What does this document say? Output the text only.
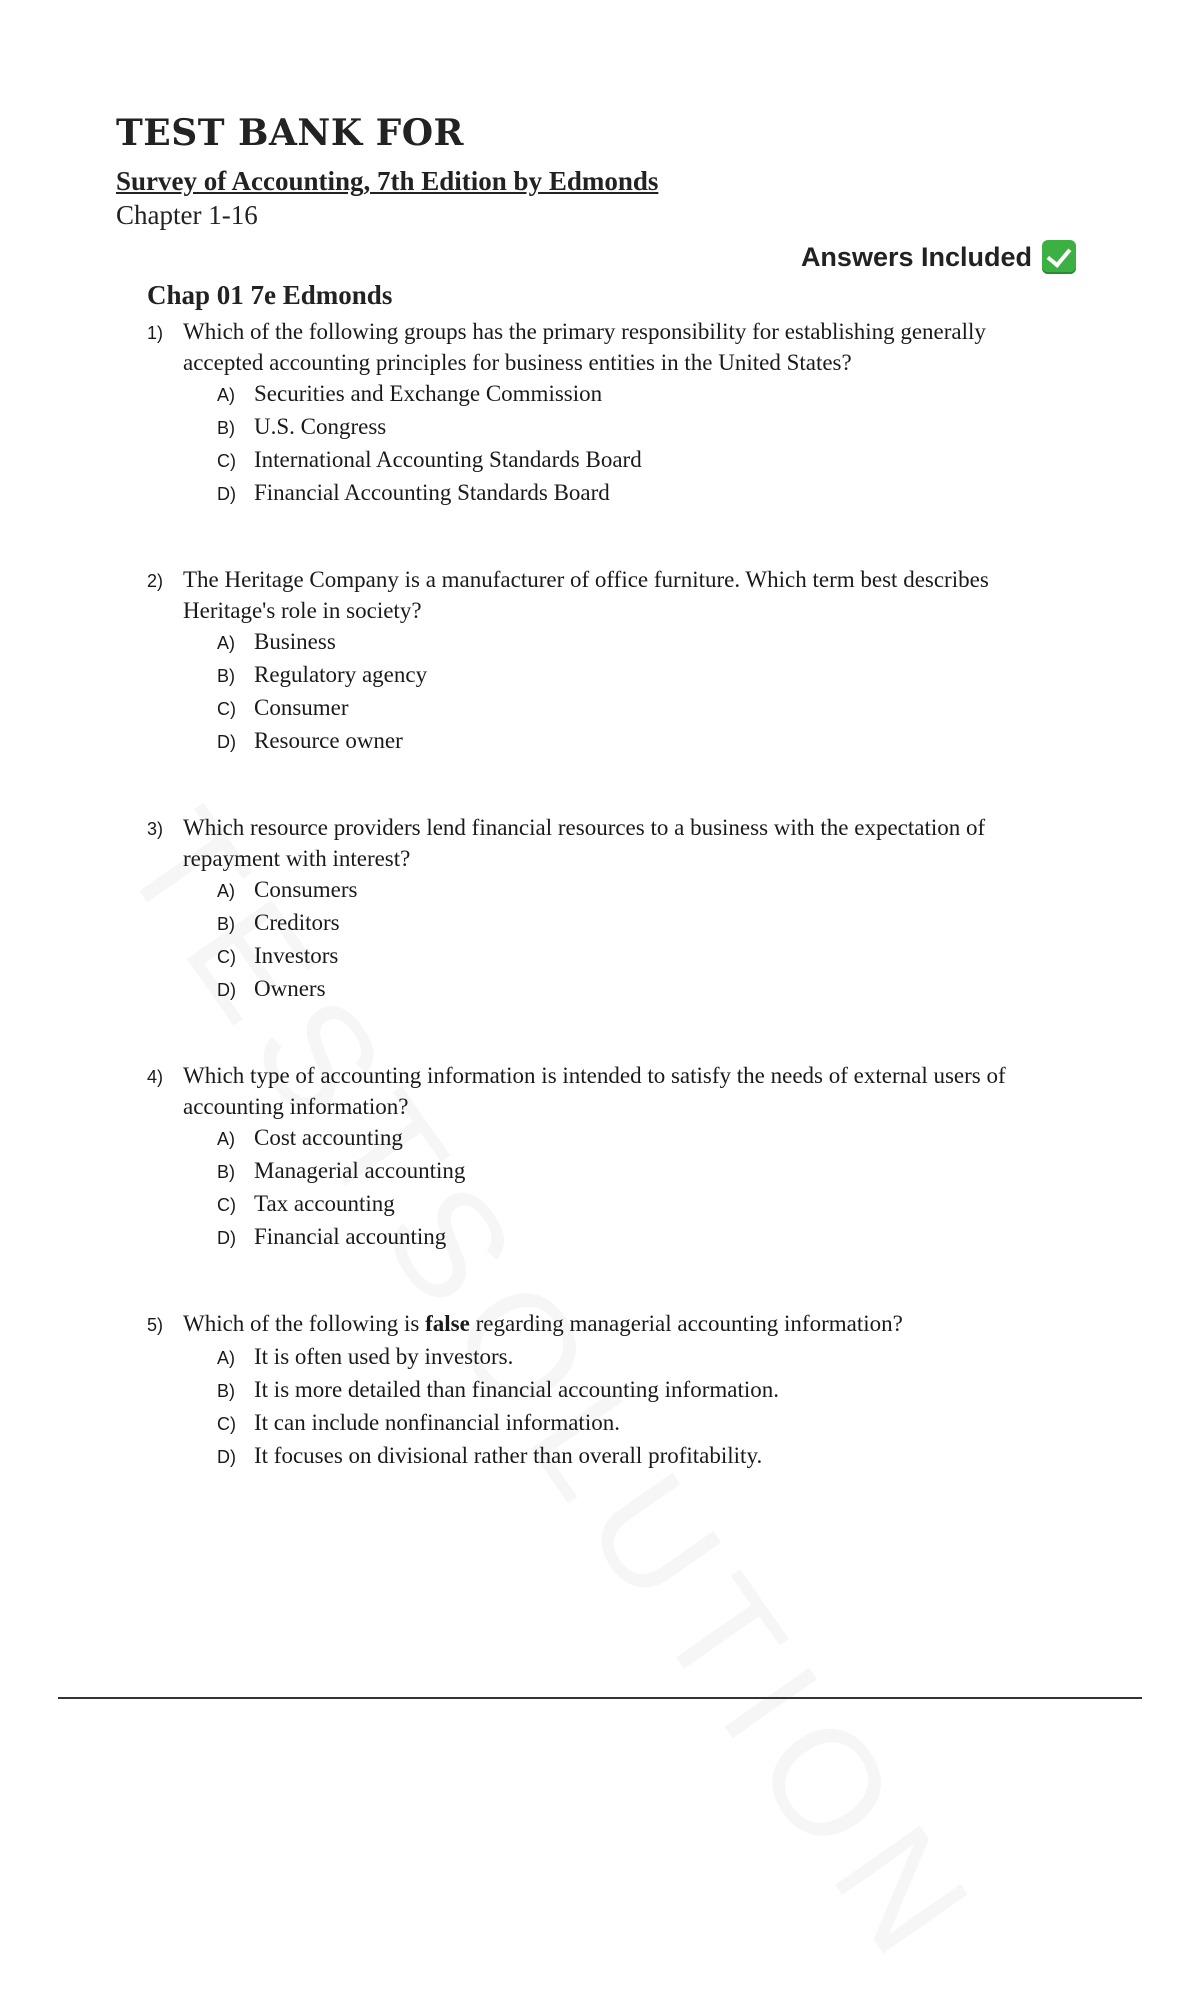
TEST BANK FOR
Survey of Accounting, 7th Edition by Edmonds
Chapter 1-16
Answers Included
Chap 01 7e Edmonds
1) Which of the following groups has the primary responsibility for establishing generally accepted accounting principles for business entities in the United States?
A) Securities and Exchange Commission
B) U.S. Congress
C) International Accounting Standards Board
D) Financial Accounting Standards Board
2) The Heritage Company is a manufacturer of office furniture. Which term best describes Heritage's role in society?
A) Business
B) Regulatory agency
C) Consumer
D) Resource owner
3) Which resource providers lend financial resources to a business with the expectation of repayment with interest?
A) Consumers
B) Creditors
C) Investors
D) Owners
4) Which type of accounting information is intended to satisfy the needs of external users of accounting information?
A) Cost accounting
B) Managerial accounting
C) Tax accounting
D) Financial accounting
5) Which of the following is false regarding managerial accounting information?
A) It is often used by investors.
B) It is more detailed than financial accounting information.
C) It can include nonfinancial information.
D) It focuses on divisional rather than overall profitability.
